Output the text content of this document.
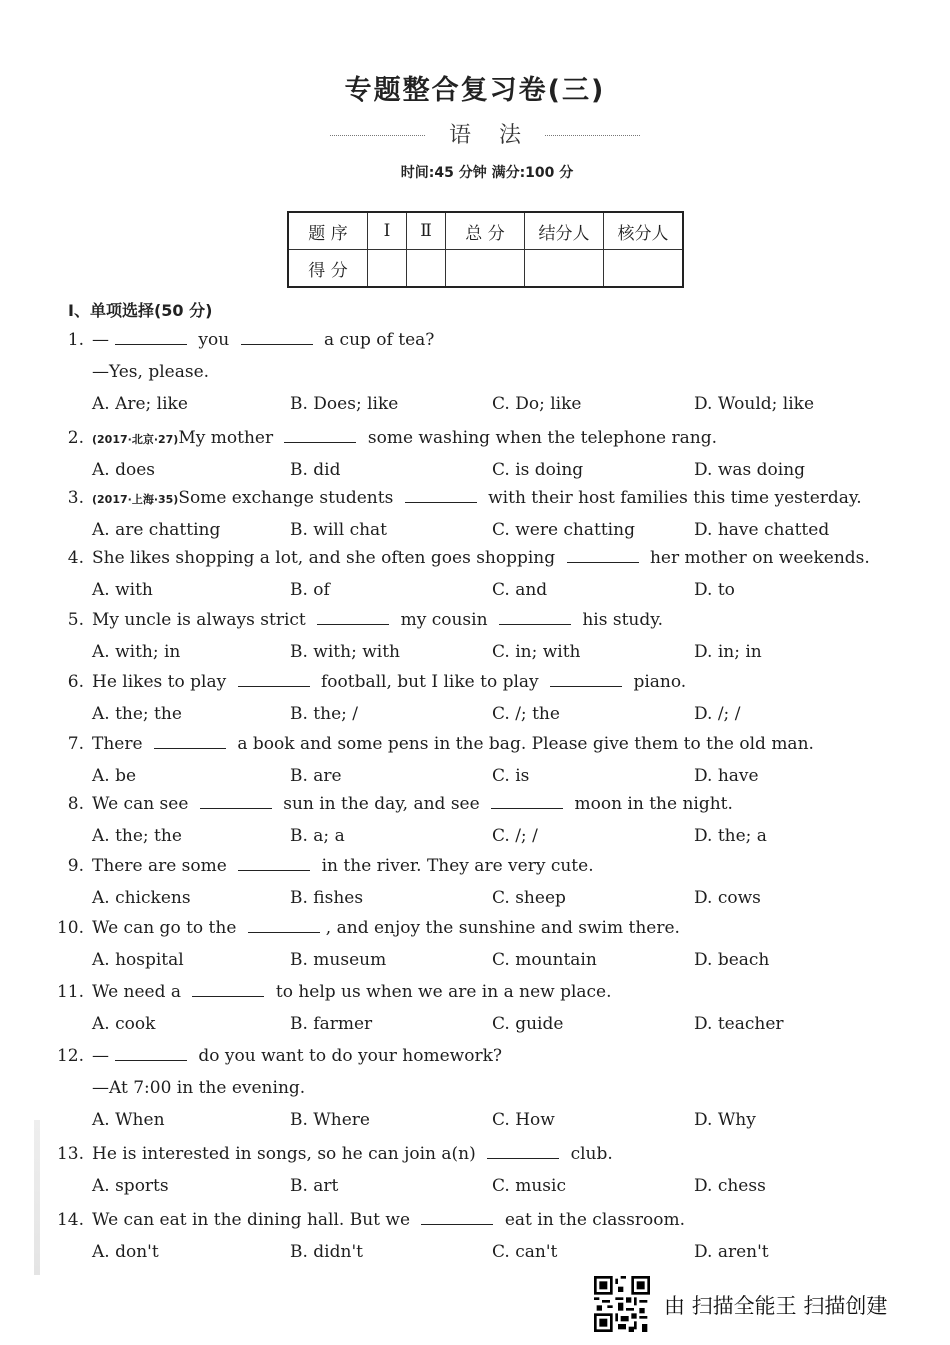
专题整合复习卷(三)
语法
时间:45 分钟 满分:100 分
题 序	Ⅰ	Ⅱ	总 分	结分人	核分人
得 分					
Ⅰ、单项选择(50 分)
1. —	you	a cup of tea?
—Yes, please.
A. Are; like	B. Does; like	C. Do; like	D. Would; like
2. (2017·北京·27)My mother	some washing when the telephone rang.
A. does	B. did	C. is doing	D. was doing
3. (2017·上海·35)Some exchange students	with their host families this time yesterday.
A. are chatting	B. will chat	C. were chatting	D. have chatted
4. She likes shopping a lot, and she often goes shopping	her mother on weekends.
A. with	B. of	C. and	D. to
5. My uncle is always strict	my cousin	his study.
A. with; in	B. with; with	C. in; with	D. in; in
6. He likes to play	football, but I like to play	piano.
A. the; the	B. the; /	C. /; the	D. /; /
7. There	a book and some pens in the bag. Please give them to the old man.
A. be	B. are	C. is	D. have
8. We can see	sun in the day, and see	moon in the night.
A. the; the	B. a; a	C. /; /	D. the; a
9. There are some	in the river. They are very cute.
A. chickens	B. fishes	C. sheep	D. cows
10. We can go to the	, and enjoy the sunshine and swim there.
A. hospital	B. museum	C. mountain	D. beach
11. We need a	to help us when we are in a new place.
A. cook	B. farmer	C. guide	D. teacher
12. —	do you want to do your homework?
—At 7:00 in the evening.
A. When	B. Where	C. How	D. Why
13. He is interested in songs, so he can join a(n)	club.
A. sports	B. art	C. music	D. chess
14. We can eat in the dining hall. But we	eat in the classroom.
A. don't	B. didn't	C. can't	D. aren't
由 扫描全能王 扫描创建
